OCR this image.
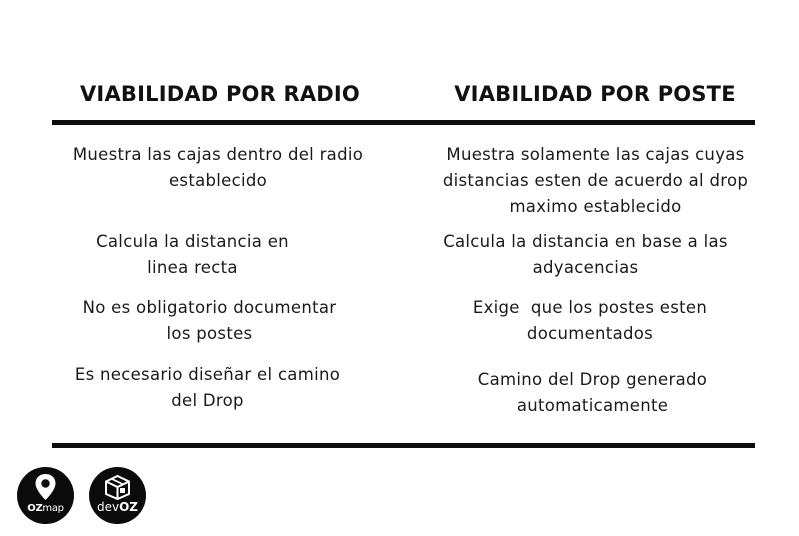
VIABILIDAD POR RADIO	VIABILIDAD POR POSTE
Muestra las cajas dentro del radio
establecido
Calcula la distancia en
linea recta
No es obligatorio documentar
los postes
Es necesario diseñar el camino
del Drop
Muestra solamente las cajas cuyas
distancias esten de acuerdo al drop
maximo establecido
Calcula la distancia en base a las
adyacencias
Exige  que los postes esten
documentados
Camino del Drop generado
automaticamente
OZmap	devOZ
